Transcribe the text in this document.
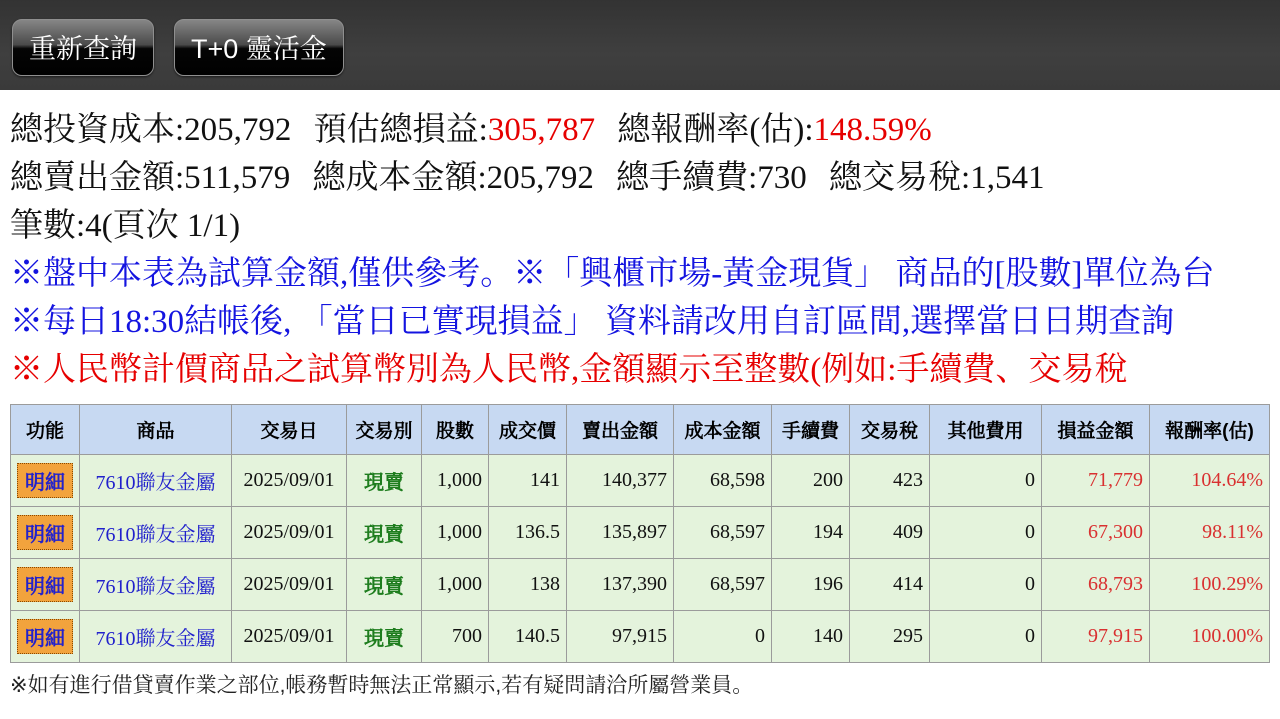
重新查詢	T+0 靈活金
總投資成本:205,792 預估總損益:305,787 總報酬率(估):148.59%
總賣出金額:511,579 總成本金額:205,792 總手續費:730 總交易稅:1,541
筆數:4(頁次 1/1)
※盤中本表為試算金額,僅供參考。※「興櫃市場-黃金現貨」 商品的[股數]單位為台
※每日18:30結帳後, 「當日已實現損益」 資料請改用自訂區間,選擇當日日期查詢
※人民幣計價商品之試算幣別為人民幣,金額顯示至整數(例如:手續費、交易稅
功能	商品	交易日	交易別	股數	成交價	賣出金額	成本金額	手續費	交易稅	其他費用	損益金額	報酬率(估)
明細	7610聯友金屬	2025/09/01	現賣	1,000	141	140,377	68,598	200	423	0	71,779	104.64%
明細	7610聯友金屬	2025/09/01	現賣	1,000	136.5	135,897	68,597	194	409	0	67,300	98.11%
明細	7610聯友金屬	2025/09/01	現賣	1,000	138	137,390	68,597	196	414	0	68,793	100.29%
明細	7610聯友金屬	2025/09/01	現賣	700	140.5	97,915	0	140	295	0	97,915	100.00%
※如有進行借貸賣作業之部位,帳務暫時無法正常顯示,若有疑問請洽所屬營業員。
